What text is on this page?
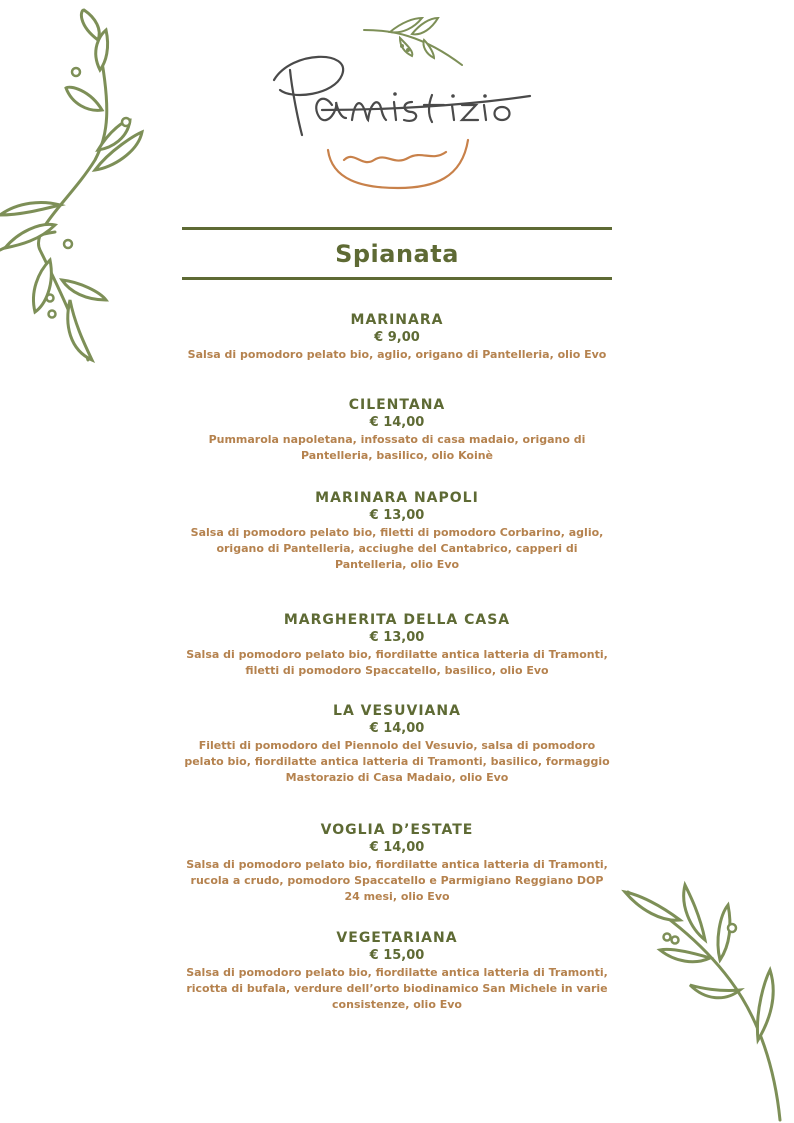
Spianata
MARINARA
€ 9,00
Salsa di pomodoro pelato bio, aglio, origano di Pantelleria, olio Evo
CILENTANA
€ 14,00
Pummarola napoletana, infossato di casa madaio, origano di Pantelleria, basilico, olio Koinè
MARINARA NAPOLI
€ 13,00
Salsa di pomodoro pelato bio, filetti di pomodoro Corbarino, aglio, origano di Pantelleria, acciughe del Cantabrico, capperi di Pantelleria, olio Evo
MARGHERITA DELLA CASA
€ 13,00
Salsa di pomodoro pelato bio, fiordilatte antica latteria di Tramonti, filetti di pomodoro Spaccatello, basilico, olio Evo
LA VESUVIANA
€ 14,00
Filetti di pomodoro del Piennolo del Vesuvio, salsa di pomodoro pelato bio, fiordilatte antica latteria di Tramonti, basilico, formaggio Mastorazio di Casa Madaio, olio Evo
VOGLIA D’ESTATE
€ 14,00
Salsa di pomodoro pelato bio, fiordilatte antica latteria di Tramonti, rucola a crudo, pomodoro Spaccatello e Parmigiano Reggiano DOP 24 mesi, olio Evo
VEGETARIANA
€ 15,00
Salsa di pomodoro pelato bio, fiordilatte antica latteria di Tramonti, ricotta di bufala, verdure dell’orto biodinamico San Michele in varie consistenze, olio Evo
